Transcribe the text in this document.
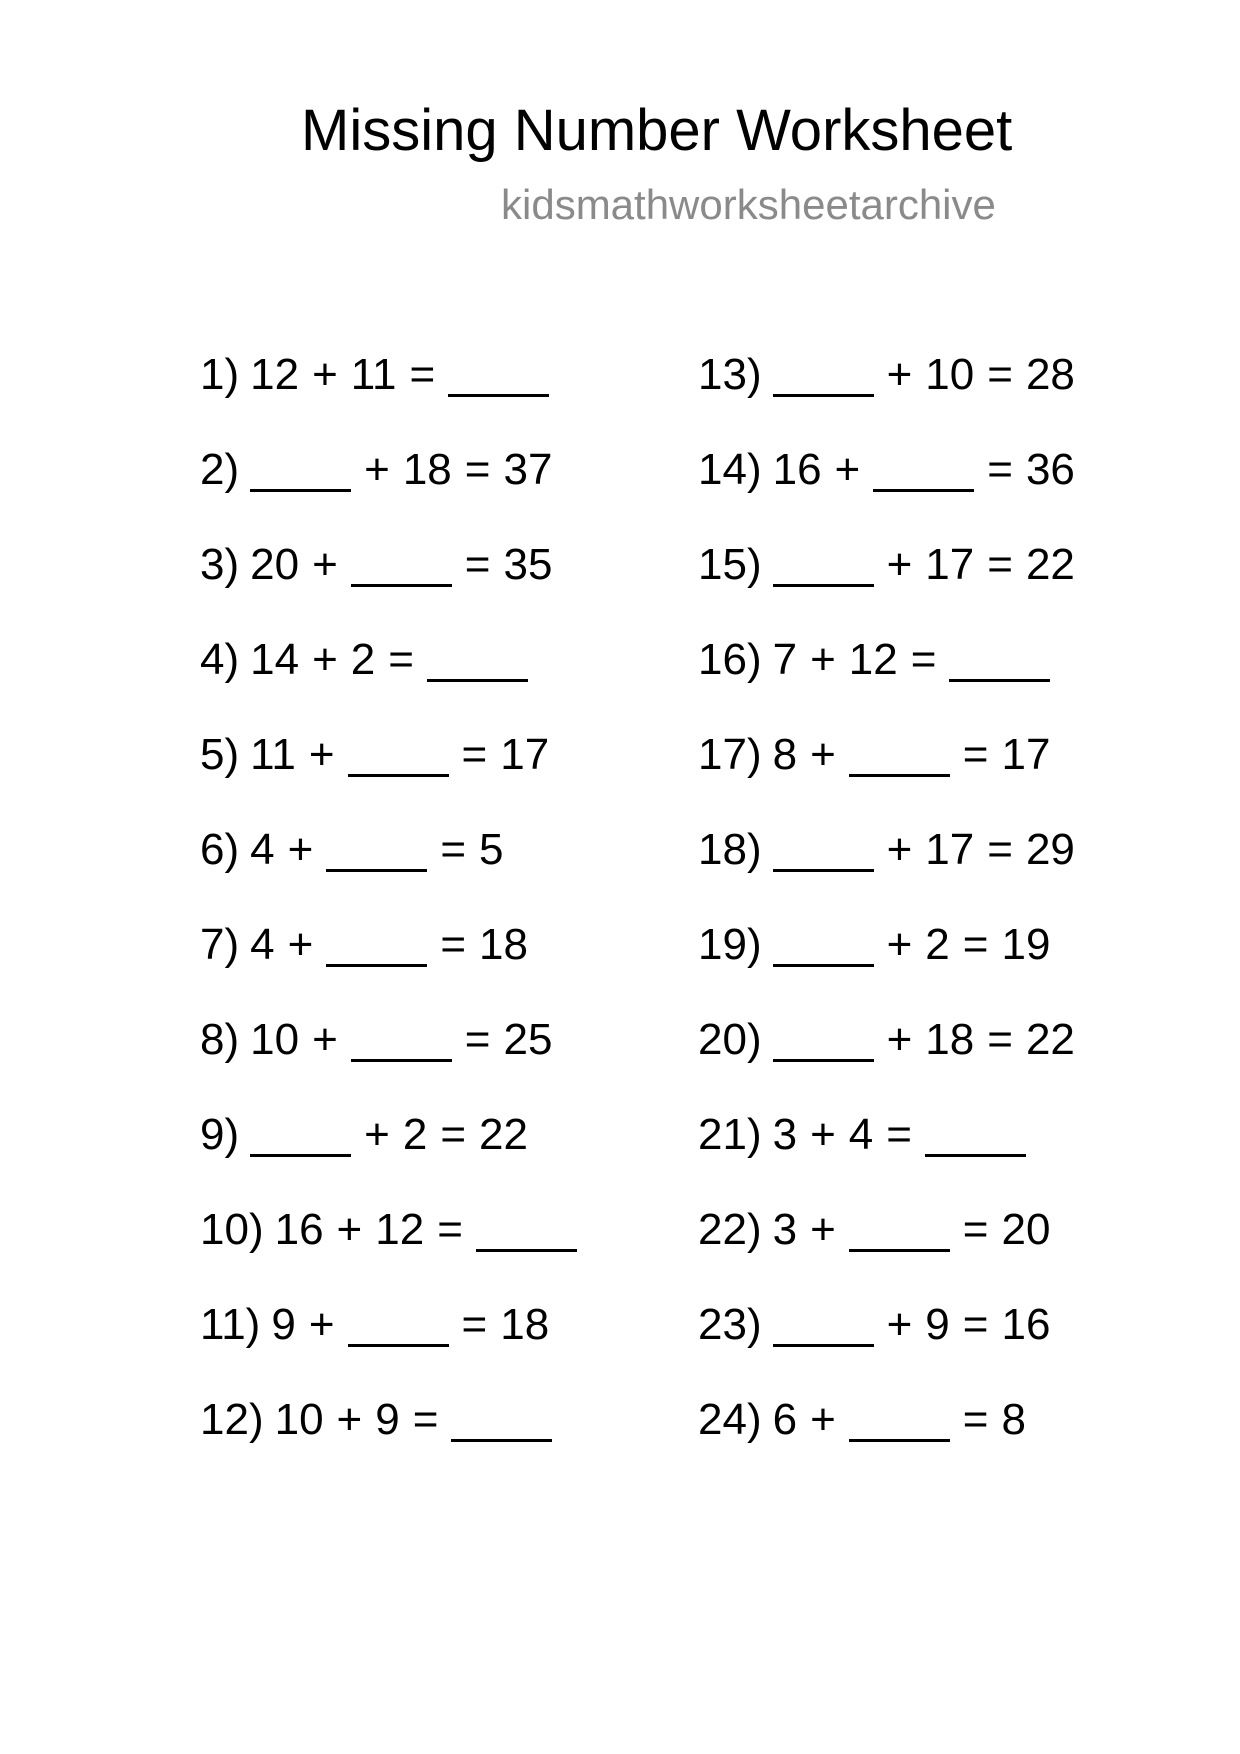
Missing Number Worksheet
kidsmathworksheetarchive
1) 12 + 11 =
2)	+ 18 = 37
3) 20 +	= 35
4) 14 + 2 =
5) 11 +	= 17
6) 4 +	= 5
7) 4 +	= 18
8) 10 +	= 25
9)	+ 2 = 22
10) 16 + 12 =
11) 9 +	= 18
12) 10 + 9 =
13)	+ 10 = 28
14) 16 +	= 36
15)	+ 17 = 22
16) 7 + 12 =
17) 8 +	= 17
18)	+ 17 = 29
19)	+ 2 = 19
20)	+ 18 = 22
21) 3 + 4 =
22) 3 +	= 20
23)	+ 9 = 16
24) 6 +	= 8
